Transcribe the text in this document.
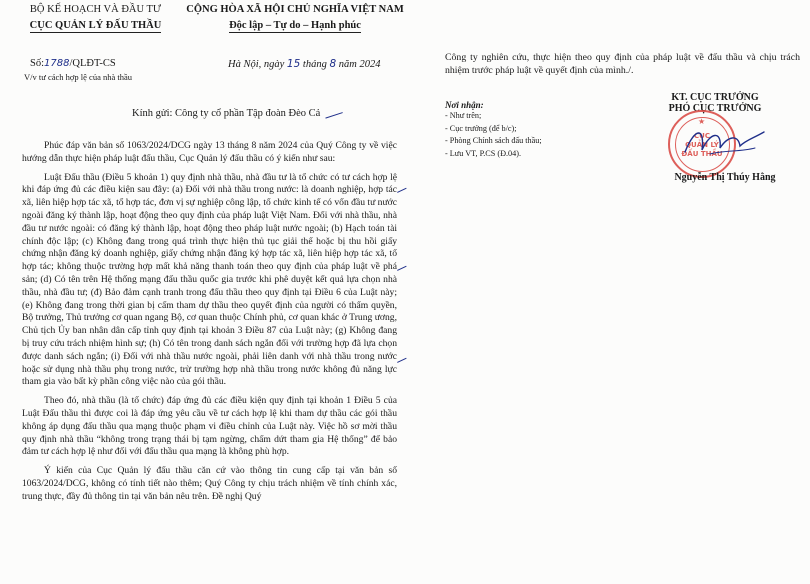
BỘ KẾ HOẠCH VÀ ĐẦU TƯ
CỤC QUẢN LÝ ĐẤU THẦU
CỘNG HÒA XÃ HỘI CHỦ NGHĨA VIỆT NAM
Độc lập – Tự do – Hạnh phúc
Số:1788/QLĐT-CS
V/v tư cách hợp lệ của nhà thầu
Hà Nội, ngày 15 tháng 8 năm 2024
Kính gửi: Công ty cổ phần Tập đoàn Đèo Cả

Phúc đáp văn bản số 1063/2024/DCG ngày 13 tháng 8 năm 2024 của Quý Công ty về việc hướng dẫn thực hiện pháp luật đấu thầu, Cục Quản lý đấu thầu có ý kiến như sau:

Luật Đấu thầu (Điều 5 khoản 1) quy định nhà thầu, nhà đầu tư là tổ chức có tư cách hợp lệ khi đáp ứng đủ các điều kiện sau đây: (a) Đối với nhà thầu trong nước: là doanh nghiệp, hợp tác xã, liên hiệp hợp tác xã, tổ hợp tác, đơn vị sự nghiệp công lập, tổ chức kinh tế có vốn đầu tư nước ngoài đăng ký thành lập, hoạt động theo quy định của pháp luật Việt Nam. Đối với nhà thầu, nhà đầu tư nước ngoài: có đăng ký thành lập, hoạt động theo pháp luật nước ngoài; (b) Hạch toán tài chính độc lập; (c) Không đang trong quá trình thực hiện thủ tục giải thể hoặc bị thu hồi giấy chứng nhận đăng ký doanh nghiệp, giấy chứng nhận đăng ký hợp tác xã, liên hiệp hợp tác xã, tổ hợp tác; không thuộc trường hợp mất khả năng thanh toán theo quy định của pháp luật về phá sản; (d) Có tên trên Hệ thống mạng đấu thầu quốc gia trước khi phê duyệt kết quả lựa chọn nhà thầu, nhà đầu tư; (đ) Bảo đảm cạnh tranh trong đấu thầu theo quy định tại Điều 6 của Luật này; (e) Không đang trong thời gian bị cấm tham dự thầu theo quyết định của người có thẩm quyền, Bộ trưởng, Thủ trưởng cơ quan ngang Bộ, cơ quan thuộc Chính phủ, cơ quan khác ở Trung ương, Chủ tịch Ủy ban nhân dân cấp tỉnh quy định tại khoản 3 Điều 87 của Luật này; (g) Không đang bị truy cứu trách nhiệm hình sự; (h) Có tên trong danh sách ngắn đối với trường hợp đã lựa chọn được danh sách ngắn; (i) Đối với nhà thầu nước ngoài, phải liên danh với nhà thầu trong nước hoặc sử dụng nhà thầu phụ trong nước, trừ trường hợp nhà thầu trong nước không đủ năng lực tham gia vào bất kỳ phần công việc nào của gói thầu.

Theo đó, nhà thầu (là tổ chức) đáp ứng đủ các điều kiện quy định tại khoản 1 Điều 5 của Luật Đấu thầu thì được coi là đáp ứng yêu cầu về tư cách hợp lệ khi tham dự thầu các gói thầu không áp dụng đấu thầu qua mạng thuộc phạm vi điều chỉnh của Luật này. Việc hồ sơ mời thầu quy định nhà thầu “không trong trạng thái bị tạm ngừng, chấm dứt tham gia Hệ thống” để bảo đảm tư cách hợp lệ như đối với đấu thầu qua mạng là không phù hợp.

Ý kiến của Cục Quản lý đấu thầu căn cứ vào thông tin cung cấp tại văn bản số 1063/2024/DCG, không có tính tiết nào thêm; Quý Công ty chịu trách nhiệm về tính chính xác, trung thực, đầy đủ thông tin tại văn bản nêu trên. Đề nghị Quý

Công ty nghiên cứu, thực hiện theo quy định của pháp luật về đấu thầu và chịu trách nhiệm trước pháp luật về quyết định của mình./.
Nơi nhận:
- Như trên;
- Cục trưởng (để b/c);
- Phòng Chính sách đấu thầu;
- Lưu VT, P.CS (Đ.04).
KT. CỤC TRƯỞNG
PHÓ CỤC TRƯỞNG
★
CỤC
QUẢN LÝ
ĐẤU THẦU
Nguyễn Thị Thúy Hằng
